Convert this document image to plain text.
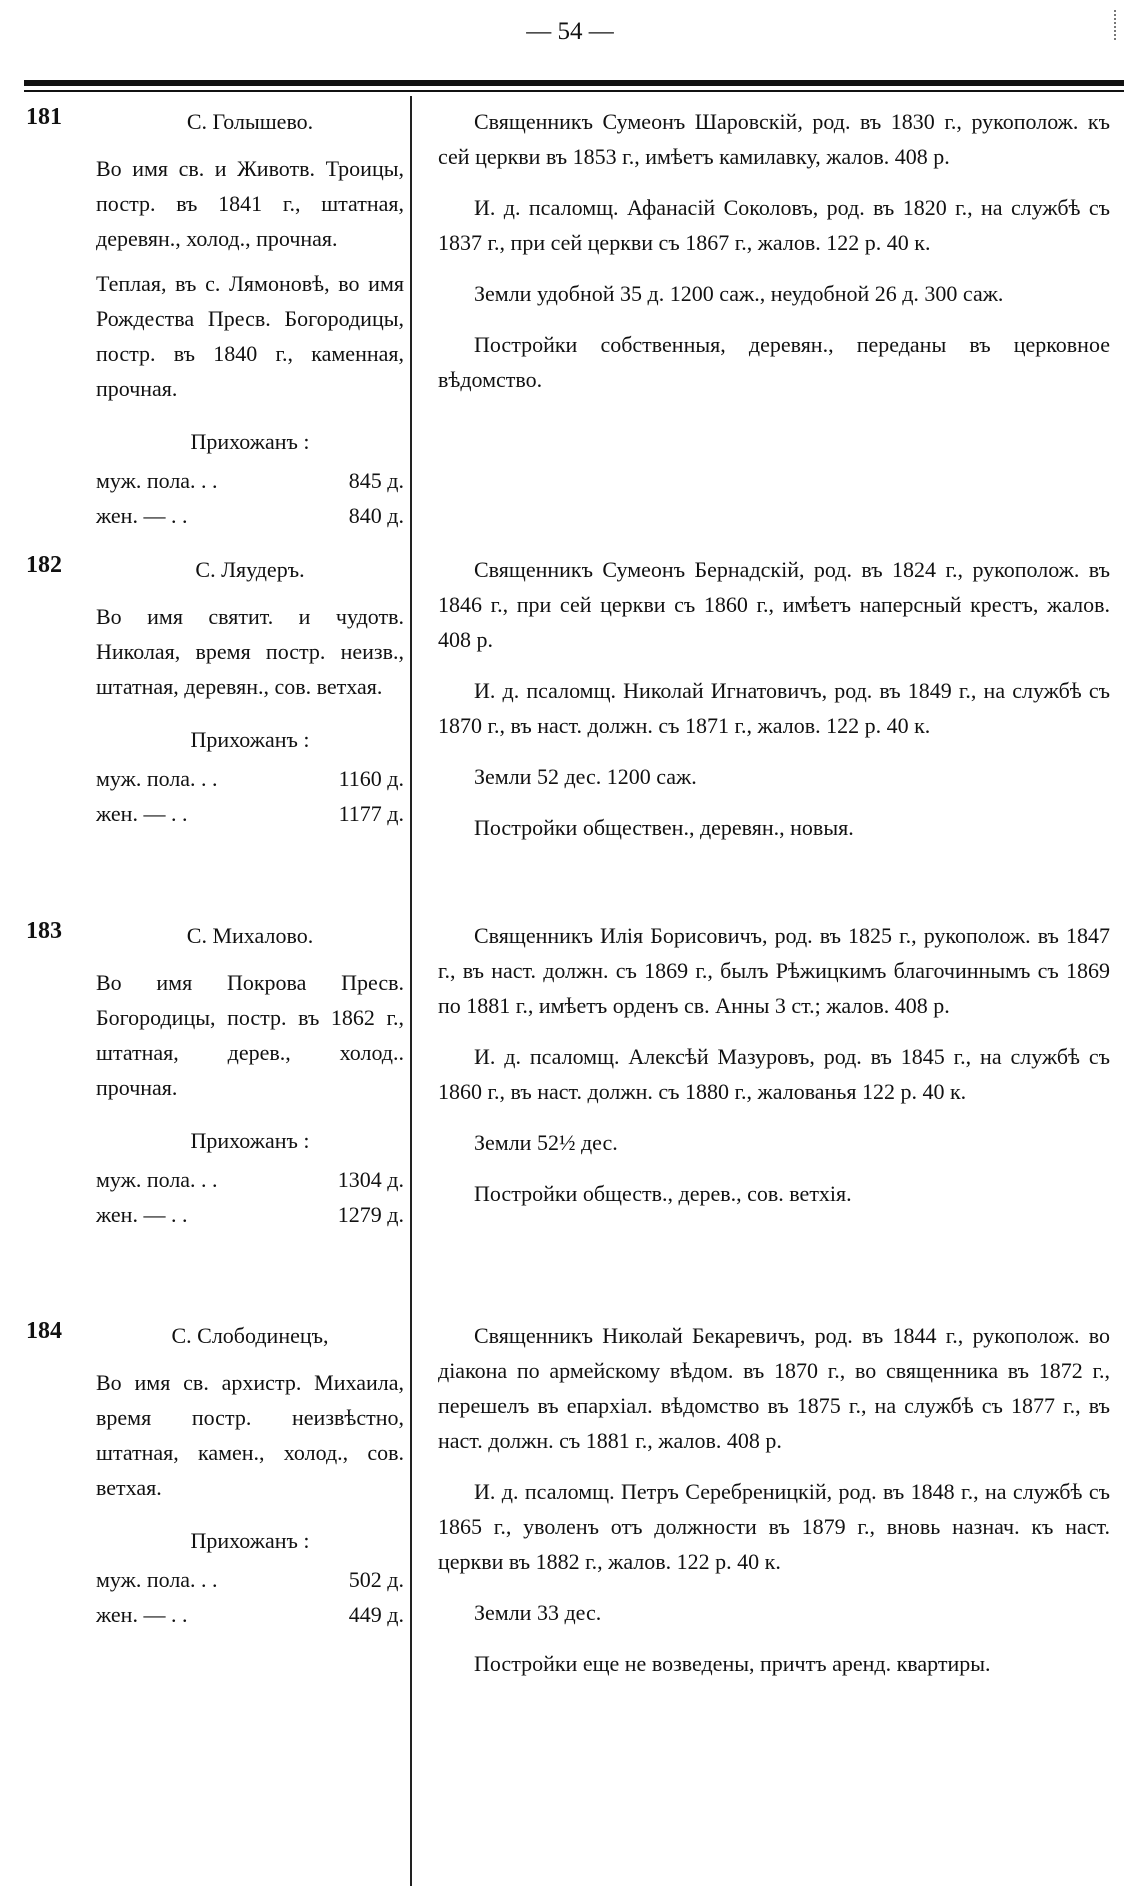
— 54 —
181	С. Голышево.
Во имя св. и Животв. Троицы, постр. въ 1841 г., штатная, деревян., холод., прочная.
Теплая, въ с. Лямоновѣ, во имя Рождества Пресв. Богородицы, постр. въ 1840 г., каменная, прочная.
Прихожанъ :
муж. пола. . .	845 д.
жен. — . .	840 д.

Священникъ Сумеонъ Шаровскій, род. въ 1830 г., рукополож. къ сей церкви въ 1853 г., имѣетъ камилавку, жалов. 408 р.

И. д. псаломщ. Афанасій Соколовъ, род. въ 1820 г., на службѣ съ 1837 г., при сей церкви съ 1867 г., жалов. 122 р. 40 к.

Земли удобной 35 д. 1200 саж., неудобной 26 д. 300 саж.

Постройки собственныя, деревян., переданы въ церковное вѣдомство.

182	С. Ляудеръ.
Во имя святит. и чудотв. Николая, время постр. неизв., штатная, деревян., сов. ветхая.
Прихожанъ :
муж. пола. . .	1160 д.
жен. — . .	1177 д.

Священникъ Сумеонъ Бернадскій, род. въ 1824 г., рукополож. въ 1846 г., при сей церкви съ 1860 г., имѣетъ наперсный крестъ, жалов. 408 р.

И. д. псаломщ. Николай Игнатовичъ, род. въ 1849 г., на службѣ съ 1870 г., въ наст. должн. съ 1871 г., жалов. 122 р. 40 к.

Земли 52 дес. 1200 саж.

Постройки обществен., деревян., новыя.

183	С. Михалово.
Во имя Покрова Пресв. Богородицы, постр. въ 1862 г., штатная, дерев., холод.. прочная.
Прихожанъ :
муж. пола. . .	1304 д.
жен. — . .	1279 д.

Священникъ Илія Борисовичъ, род. въ 1825 г., рукополож. въ 1847 г., въ наст. должн. съ 1869 г., былъ Рѣжицкимъ благочиннымъ съ 1869 по 1881 г., имѣетъ орденъ св. Анны 3 ст.; жалов. 408 р.

И. д. псаломщ. Алексѣй Мазуровъ, род. въ 1845 г., на службѣ съ 1860 г., въ наст. должн. съ 1880 г., жалованья 122 р. 40 к.

Земли 52½ дес.

Постройки обществ., дерев., сов. ветхія.

184	С. Слободинецъ,
Во имя св. архистр. Михаила, время постр. неизвѣстно, штатная, камен., холод., сов. ветхая.
Прихожанъ :
муж. пола. . .	502 д.
жен. — . .	449 д.

Священникъ Николай Бекаревичъ, род. въ 1844 г., рукополож. во діакона по армейскому вѣдом. въ 1870 г., во священника въ 1872 г., перешелъ въ епархіал. вѣдомство въ 1875 г., на службѣ съ 1877 г., въ наст. должн. съ 1881 г., жалов. 408 р.

И. д. псаломщ. Петръ Серебреницкій, род. въ 1848 г., на службѣ съ 1865 г., уволенъ отъ должности въ 1879 г., вновь назнач. къ наст. церкви въ 1882 г., жалов. 122 р. 40 к.

Земли 33 дес.

Постройки еще не возведены, причтъ аренд. квартиры.
